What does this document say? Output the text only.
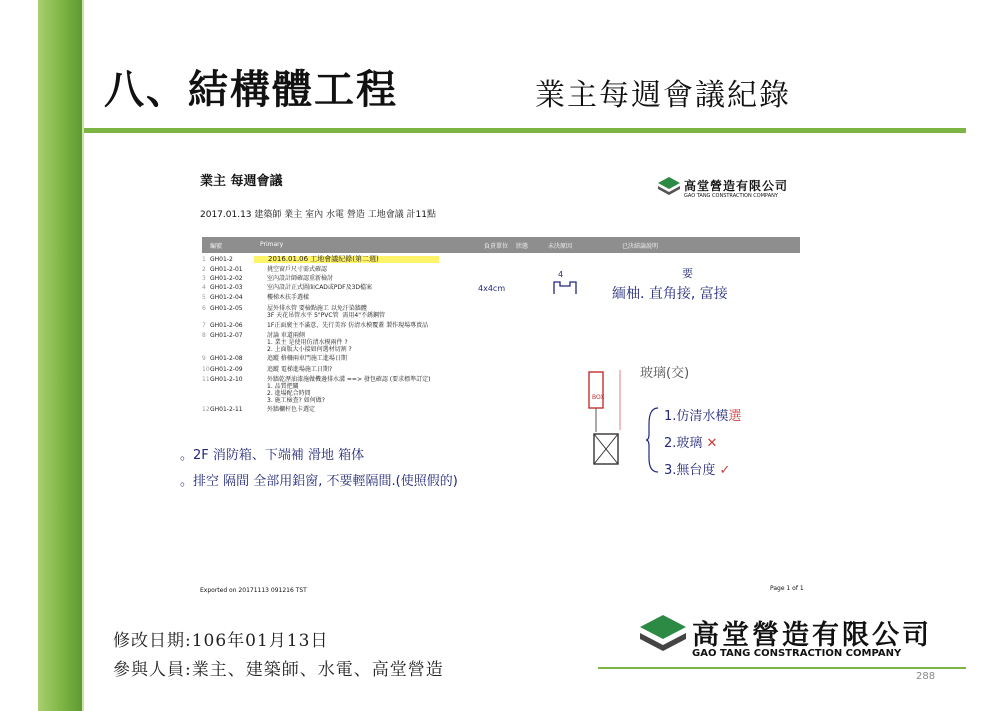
八、結構體工程	業主每週會議紀錄
業主 每週會議
2017.01.13 建築師 業主 室內 水電 營造 工地會議 計11點
高堂營造有限公司
GAO TANG CONSTRACTION COMPANY
編號	Primary	負責單位 狀態	未決原因	已決結論說明
1 GH01-2	2016.01.06 工地會議紀錄(第二週)
2 GH01-2-01	挑空窗戶尺寸需式確認
3 GH01-2-02	室內設計師確認重新檢討
4 GH01-2-03	室內設計正式圖面CAD或PDF及3D檔案
5 GH01-2-04	樓梯木扶手選樣
6 GH01-2-05	屋外排水管 要檢點施工 以免汙染牆體
3F 天花吊管水平 5"PVC管  需用4"不銹鋼管
7 GH01-2-06	1F正面廣主不滿意，先行美容 仿清水模覆蓋 製作現場專賣品
8 GH01-2-07	討論 車道兩側
1. 業主 是使用仿清水模兩件 ?
2. 上面版大小接如何選材切割 ?
9 GH01-2-08	追蹤 格柵兩車門施工進場日期
10 GH01-2-09	追蹤 電梯進場施工日期?
11 GH01-2-10	外牆乾溼油漆施做機邊排水溝 ==> 發包確認 (要求標準訂定)
1. 品質把關
2. 進場配合時間
3. 施工檢查? 如何做?
12 GH01-2-11	外牆欄杆色卡選定
4x4cm
4	要
緬柚. 直角接, 富接
玻璃(交)
BOX
1.仿清水模選
2.玻璃 ✕
3.無台度 ✓
。2F 消防箱、下端補 滑地 箱体
。排空 隔間 全部用鋁窗, 不要輕隔間.(使照假的)
Exported on 20171113 091216 TST	Page 1 of 1
修改日期:106年01月13日
參與人員:業主、建築師、水電、高堂營造
高堂營造有限公司
GAO TANG CONSTRACTION COMPANY
288
